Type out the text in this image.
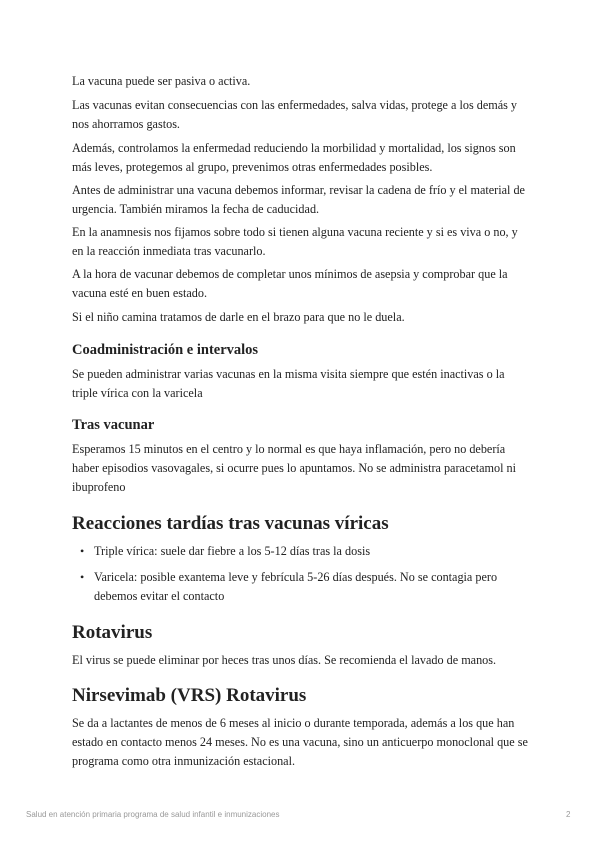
La vacuna puede ser pasiva o activa.

Las vacunas evitan consecuencias con las enfermedades, salva vidas, protege a los demás y nos ahorramos gastos.

Además, controlamos la enfermedad reduciendo la morbilidad y mortalidad, los signos son más leves, protegemos al grupo, prevenimos otras enfermedades posibles.

Antes de administrar una vacuna debemos informar, revisar la cadena de frío y el material de urgencia. También miramos la fecha de caducidad.

En la anamnesis nos fijamos sobre todo si tienen alguna vacuna reciente y si es viva o no, y en la reacción inmediata tras vacunarlo.

A la hora de vacunar debemos de completar unos mínimos de asepsia y comprobar que la vacuna esté en buen estado.

Si el niño camina tratamos de darle en el brazo para que no le duela.

Coadministración e intervalos

Se pueden administrar varias vacunas en la misma visita siempre que estén inactivas o la triple vírica con la varicela

Tras vacunar

Esperamos 15 minutos en el centro y lo normal es que haya inflamación, pero no debería haber episodios vasovagales, si ocurre pues lo apuntamos. No se administra paracetamol ni ibuprofeno

Reacciones tardías tras vacunas víricas
• Triple vírica: suele dar fiebre a los 5-12 días tras la dosis
• Varicela: posible exantema leve y febrícula 5-26 días después. No se contagia pero debemos evitar el contacto
Rotavirus

El virus se puede eliminar por heces tras unos días. Se recomienda el lavado de manos.

Nirsevimab (VRS) Rotavirus

Se da a lactantes de menos de 6 meses al inicio o durante temporada, además a los que han estado en contacto menos 24 meses. No es una vacuna, sino un anticuerpo monoclonal que se programa como otra inmunización estacional.

Salud en atención primaria programa de salud infantil e inmunizaciones	2
